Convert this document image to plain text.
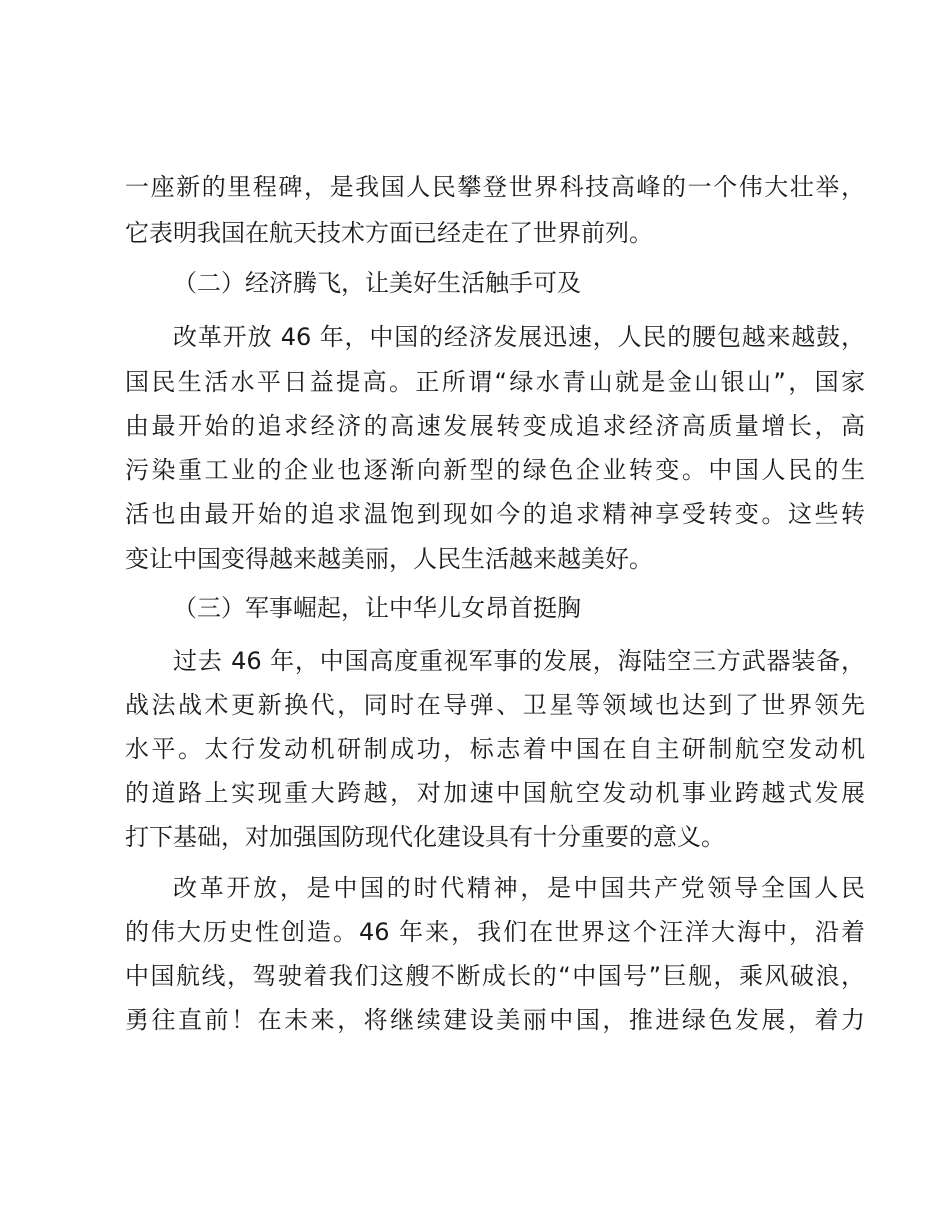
一座新的里程碑，是我国人民攀登世界科技高峰的一个伟大壮举，
它表明我国在航天技术方面已经走在了世界前列。
（二）经济腾飞，让美好生活触手可及
改革开放 46 年，中国的经济发展迅速，人民的腰包越来越鼓，
国民生活水平日益提高。正所谓“绿水青山就是金山银山”，国家
由最开始的追求经济的高速发展转变成追求经济高质量增长，高
污染重工业的企业也逐渐向新型的绿色企业转变。中国人民的生
活也由最开始的追求温饱到现如今的追求精神享受转变。这些转
变让中国变得越来越美丽，人民生活越来越美好。
（三）军事崛起，让中华儿女昂首挺胸
过去 46 年，中国高度重视军事的发展，海陆空三方武器装备，
战法战术更新换代，同时在导弹、卫星等领域也达到了世界领先
水平。太行发动机研制成功，标志着中国在自主研制航空发动机
的道路上实现重大跨越，对加速中国航空发动机事业跨越式发展
打下基础，对加强国防现代化建设具有十分重要的意义。
改革开放，是中国的时代精神，是中国共产党领导全国人民
的伟大历史性创造。46 年来，我们在世界这个汪洋大海中，沿着
中国航线，驾驶着我们这艘不断成长的“中国号”巨舰，乘风破浪，
勇往直前！在未来，将继续建设美丽中国，推进绿色发展，着力
